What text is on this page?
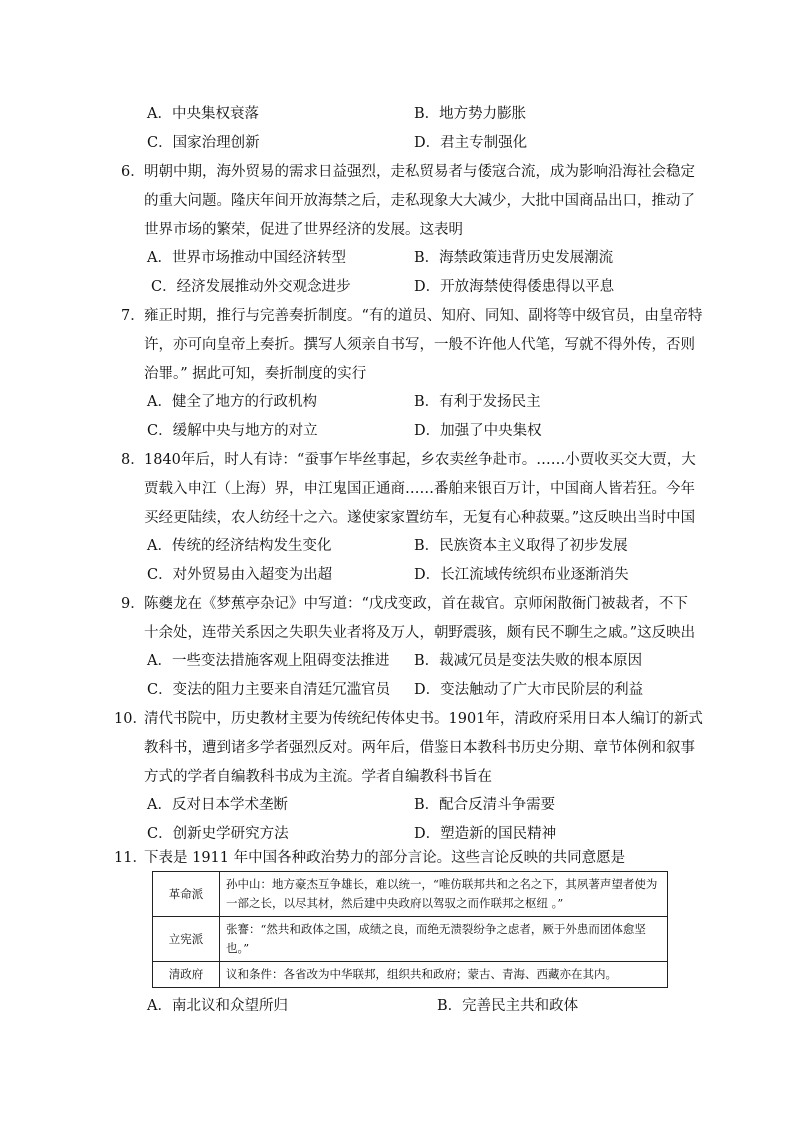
A．中央集权衰落	B．地方势力膨胀
C．国家治理创新	D．君主专制强化
6． 明朝中期，海外贸易的需求日益强烈，走私贸易者与倭寇合流，成为影响沿海社会稳定
的重大问题。隆庆年间开放海禁之后，走私现象大大减少，大批中国商品出口，推动了
世界市场的繁荣，促进了世界经济的发展。这表明
A．世界市场推动中国经济转型	B．海禁政策违背历史发展潮流
C．经济发展推动外交观念进步	D．开放海禁使得倭患得以平息
7． 雍正时期，推行与完善奏折制度。“有的道员、知府、同知、副将等中级官员，由皇帝特
许，亦可向皇帝上奏折。撰写人须亲自书写，一般不许他人代笔，写就不得外传，否则
治罪。” 据此可知，奏折制度的实行
A．健全了地方的行政机构	B．有利于发扬民主
C．缓解中央与地方的对立	D．加强了中央集权
8． 1840年后，时人有诗：“蚕事乍毕丝事起，乡农卖丝争赴市。……小贾收买交大贾，大
贾载入申江（上海）界，申江鬼国正通商……番舶来银百万计，中国商人皆若狂。今年
买经更陆续，农人纺经十之六。遂使家家置纺车，无复有心种菽粟。”这反映出当时中国
A．传统的经济结构发生变化	B．民族资本主义取得了初步发展
C．对外贸易由入超变为出超	D．长江流域传统织布业逐渐消失
9． 陈夔龙在《梦蕉亭杂记》中写道：“戊戌变政，首在裁官。京师闲散衙门被裁者，不下
十余处，连带关系因之失职失业者将及万人，朝野震骇，颇有民不聊生之戚。”这反映出
A．一些变法措施客观上阻碍变法推进 B．裁减冗员是变法失败的根本原因
C．变法的阻力主要来自清廷冗滥官员 D．变法触动了广大市民阶层的利益
10．
清代书院中，历史教材主要为传统纪传体史书。1901年，清政府采用日本人编订的新式
教科书，遭到诸多学者强烈反对。两年后，借鉴日本教科书历史分期、章节体例和叙事
方式的学者自编教科书成为主流。学者自编教科书旨在
A．反对日本学术垄断	B．配合反清斗争需要
C．创新史学研究方法	D．塑造新的国民精神
11．
下表是 1911 年中国各种政治势力的部分言论。这些言论反映的共同意愿是
革命派	孙中山：地方豪杰互争雄长，难以统一，“唯仿联邦共和之名之下，其夙著声望者使为一部之长，以尽其材，然后建中央政府以驾驭之而作联邦之枢纽 。”
立宪派	张謇：“然共和政体之国，成绩之良，而绝无溃裂纷争之虑者，厥于外患而团体愈坚也。”
清政府	议和条件：各省改为中华联邦，组织共和政府；蒙古、青海、西藏亦在其内。
A．南北议和众望所归	B．完善民主共和政体
